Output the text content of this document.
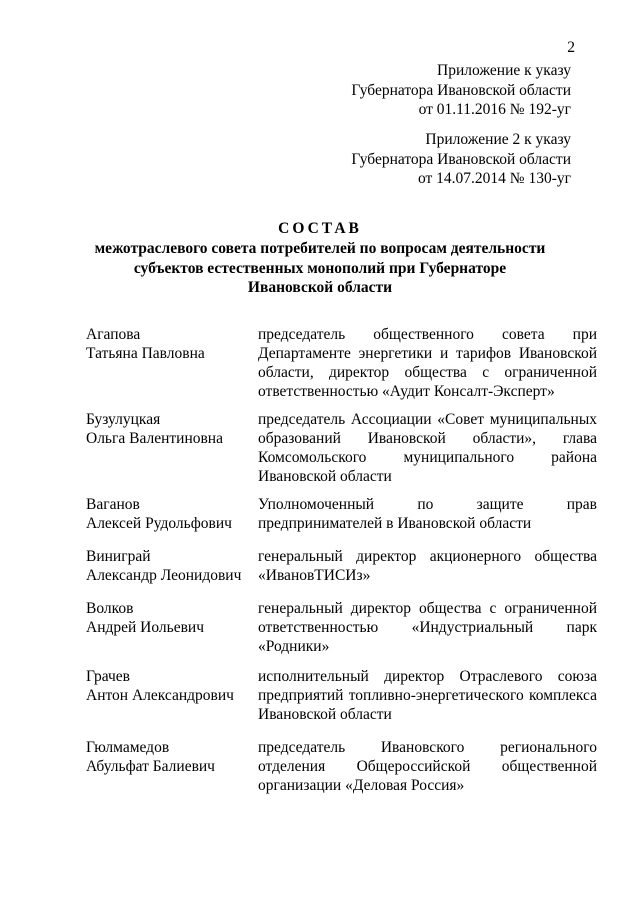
2
Приложение к указу
Губернатора Ивановской области
от 01.11.2016 № 192-уг
Приложение 2 к указу
Губернатора Ивановской области
от 14.07.2014 № 130-уг
СОСТАВ
межотраслевого совета потребителей по вопросам деятельности
субъектов естественных монополий при Губернаторе
Ивановской области
Агапова
Татьяна Павловна
председатель общественного совета при Департаменте энергетики и тарифов Ивановской области, директор общества с ограниченной ответственностью «Аудит Консалт-Эксперт»
Бузулуцкая
Ольга Валентиновна
председатель Ассоциации «Совет муниципальных образований Ивановской области», глава Комсомольского муниципального района Ивановской области
Ваганов
Алексей Рудольфович
Уполномоченный по защите прав предпринимателей в Ивановской области
Виниграй
Александр Леонидович
генеральный директор акционерного общества «ИвановТИСИз»
Волков
Андрей Иольевич
генеральный директор общества с ограниченной ответственностью «Индустриальный парк «Родники»
Грачев
Антон Александрович
исполнительный директор Отраслевого союза предприятий топливно-энергетического комплекса Ивановской области
Гюлмамедов
Абульфат Балиевич
председатель Ивановского регионального отделения Общероссийской общественной организации «Деловая Россия»
